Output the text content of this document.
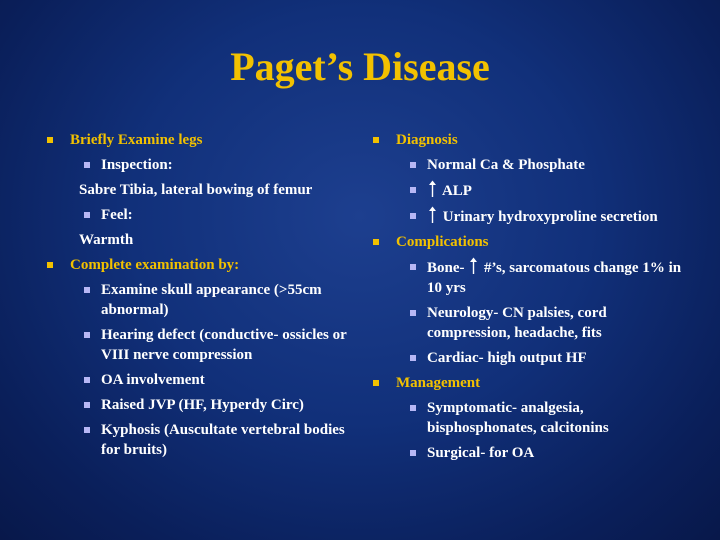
Paget’s Disease
Briefly Examine legs
Inspection:
Sabre Tibia, lateral bowing of femur
Feel:
Warmth
Complete examination by:
Examine skull appearance (>55cm abnormal)
Hearing defect (conductive- ossicles or VIII nerve compression
OA involvement
Raised JVP (HF, Hyperdy Circ)
Kyphosis (Auscultate vertebral bodies for bruits)
Diagnosis
Normal Ca & Phosphate
ALP
Urinary hydroxyproline secretion
Complications
Bone- #’s, sarcomatous change 1% in 10 yrs
Neurology- CN palsies, cord compression, headache, fits
Cardiac- high output HF
Management
Symptomatic- analgesia, bisphosphonates, calcitonins
Surgical- for OA
